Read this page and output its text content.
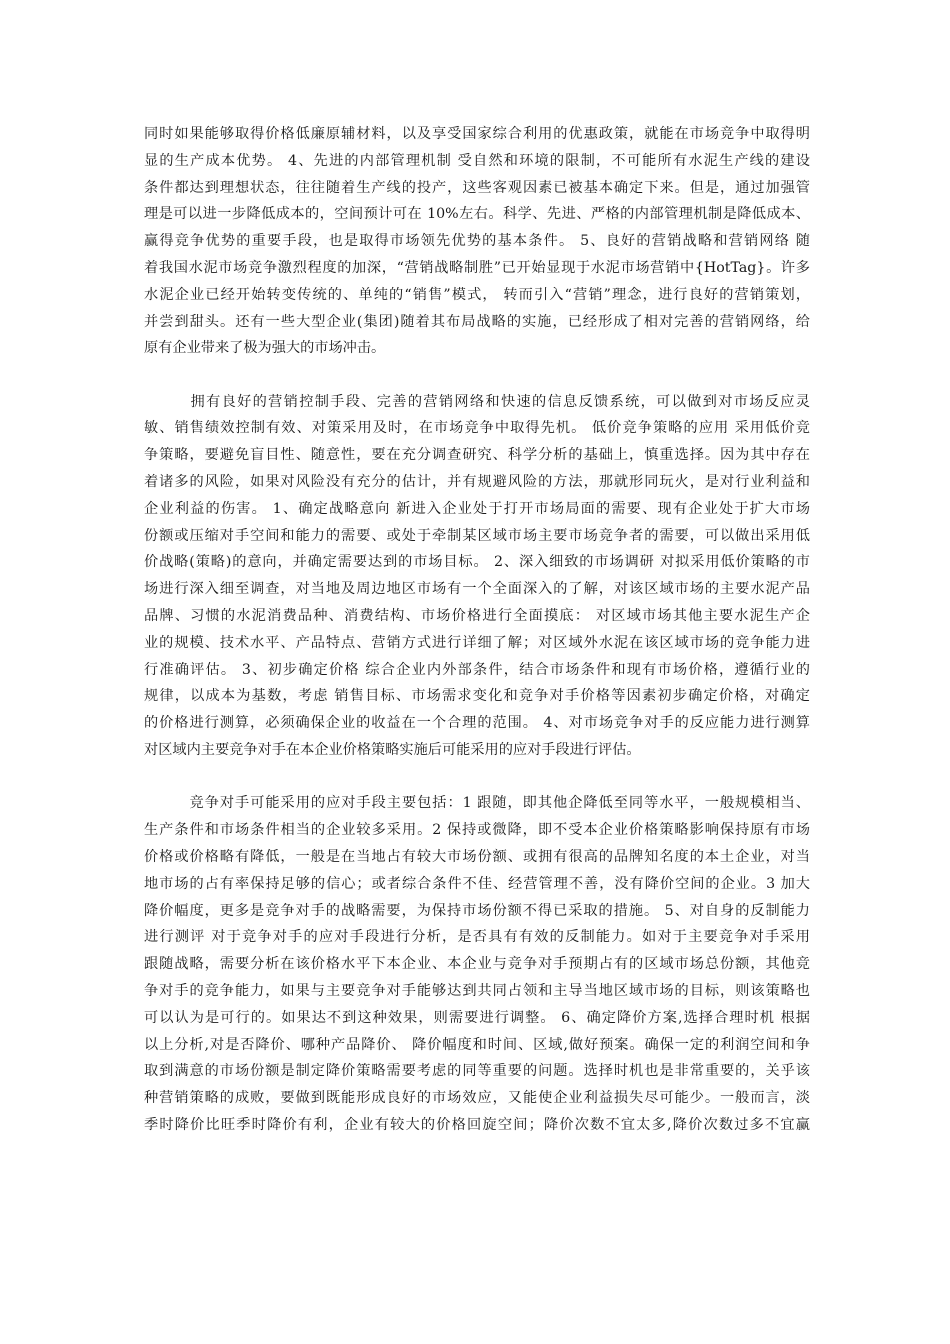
同时如果能够取得价格低廉原辅材料，以及享受国家综合利用的优惠政策，就能在市场竞争中取得明
显的生产成本优势。 4、先进的内部管理机制 受自然和环境的限制，不可能所有水泥生产线的建设
条件都达到理想状态，往往随着生产线的投产，这些客观因素已被基本确定下来。但是，通过加强管
理是可以进一步降低成本的，空间预计可在 10%左右。科学、先进、严格的内部管理机制是降低成本、
赢得竞争优势的重要手段，也是取得市场领先优势的基本条件。 5、良好的营销战略和营销网络 随
着我国水泥市场竞争激烈程度的加深，“营销战略制胜”已开始显现于水泥市场营销中{HotTag}。许多
水泥企业已经开始转变传统的、单纯的“销售”模式， 转而引入“营销”理念，进行良好的营销策划，
并尝到甜头。还有一些大型企业(集团)随着其布局战略的实施，已经形成了相对完善的营销网络，给
原有企业带来了极为强大的市场冲击。
　　　拥有良好的营销控制手段、完善的营销网络和快速的信息反馈系统，可以做到对市场反应灵
敏、销售绩效控制有效、对策采用及时，在市场竞争中取得先机。 低价竞争策略的应用 采用低价竞
争策略，要避免盲目性、随意性，要在充分调查研究、科学分析的基础上，慎重选择。因为其中存在
着诸多的风险，如果对风险没有充分的估计，并有规避风险的方法，那就形同玩火，是对行业利益和
企业利益的伤害。 1、确定战略意向 新进入企业处于打开市场局面的需要、现有企业处于扩大市场
份额或压缩对手空间和能力的需要、或处于牵制某区域市场主要市场竞争者的需要，可以做出采用低
价战略(策略)的意向，并确定需要达到的市场目标。 2、深入细致的市场调研 对拟采用低价策略的市
场进行深入细至调查，对当地及周边地区市场有一个全面深入的了解，对该区域市场的主要水泥产品
品牌、习惯的水泥消费品种、消费结构、市场价格进行全面摸底： 对区域市场其他主要水泥生产企
业的规模、技术水平、产品特点、营销方式进行详细了解；对区域外水泥在该区域市场的竞争能力进
行准确评估。 3、初步确定价格 综合企业内外部条件，结合市场条件和现有市场价格，遵循行业的
规律，以成本为基数，考虑 销售目标、市场需求变化和竞争对手价格等因素初步确定价格，对确定
的价格进行测算，必须确保企业的收益在一个合理的范围。 4、对市场竞争对手的反应能力进行测算
对区域内主要竞争对手在本企业价格策略实施后可能采用的应对手段进行评估。
　　　竞争对手可能采用的应对手段主要包括：1 跟随，即其他企降低至同等水平，一般规模相当、
生产条件和市场条件相当的企业较多采用。2 保持或微降，即不受本企业价格策略影响保持原有市场
价格或价格略有降低，一般是在当地占有较大市场份额、或拥有很高的品牌知名度的本土企业，对当
地市场的占有率保持足够的信心；或者综合条件不佳、经营管理不善，没有降价空间的企业。3 加大
降价幅度，更多是竞争对手的战略需要，为保持市场份额不得已采取的措施。 5、对自身的反制能力
进行测评 对于竞争对手的应对手段进行分析，是否具有有效的反制能力。如对于主要竞争对手采用
跟随战略，需要分析在该价格水平下本企业、本企业与竞争对手预期占有的区域市场总份额，其他竞
争对手的竞争能力，如果与主要竞争对手能够达到共同占领和主导当地区域市场的目标，则该策略也
可以认为是可行的。如果达不到这种效果，则需要进行调整。 6、确定降价方案,选择合理时机 根据
以上分析,对是否降价、哪种产品降价、 降价幅度和时间、区域,做好预案。确保一定的利润空间和争
取到满意的市场份额是制定降价策略需要考虑的同等重要的问题。选择时机也是非常重要的，关乎该
种营销策略的成败，要做到既能形成良好的市场效应，又能使企业利益损失尽可能少。一般而言，淡
季时降价比旺季时降价有利，企业有较大的价格回旋空间；降价次数不宜太多,降价次数过多不宜赢
